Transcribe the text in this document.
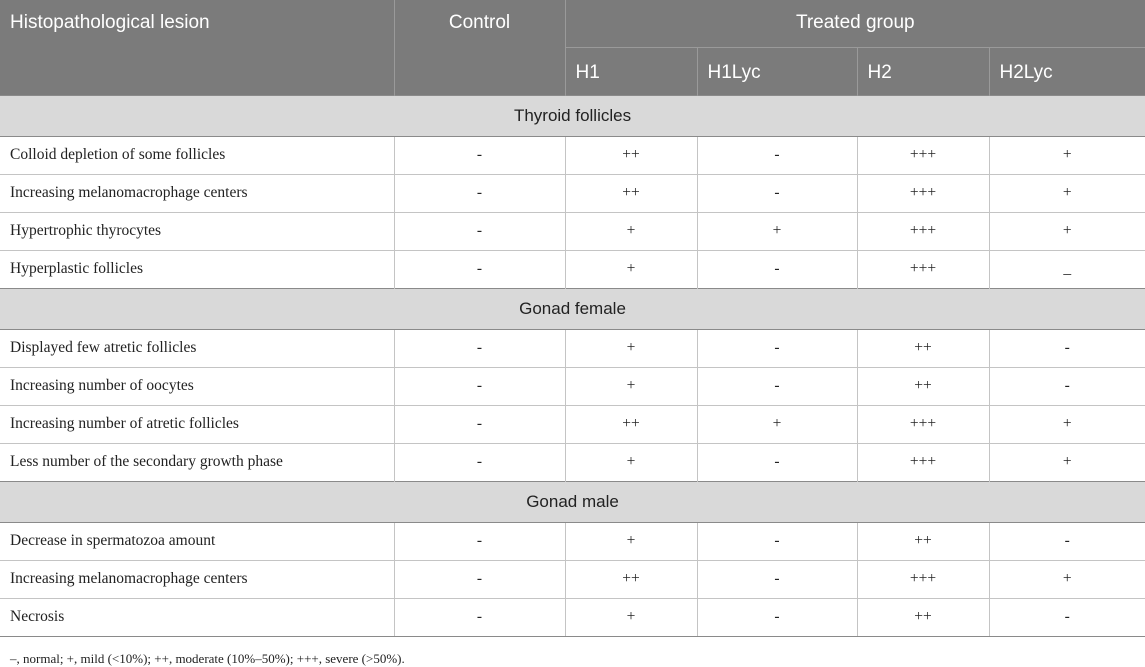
Histopathological lesion	Control	Treated group			
		H1	H1Lyc	H2	H2Lyc
Thyroid follicles					
Colloid depletion of some follicles	-	++	-	+++	+
Increasing melanomacrophage centers	-	++	-	+++	+
Hypertrophic thyrocytes	-	+	+	+++	+
Hyperplastic follicles	-	+	-	+++	_
Gonad female					
Displayed few atretic follicles	-	+	-	++	-
Increasing number of oocytes	-	+	-	++	-
Increasing number of atretic follicles	-	++	+	+++	+
Less number of the secondary growth phase	-	+	-	+++	+
Gonad male					
Decrease in spermatozoa amount	-	+	-	++	-
Increasing melanomacrophage centers	-	++	-	+++	+
Necrosis	-	+	-	++	-
–, normal; +, mild (<10%); ++, moderate (10%–50%); +++, severe (>50%).
